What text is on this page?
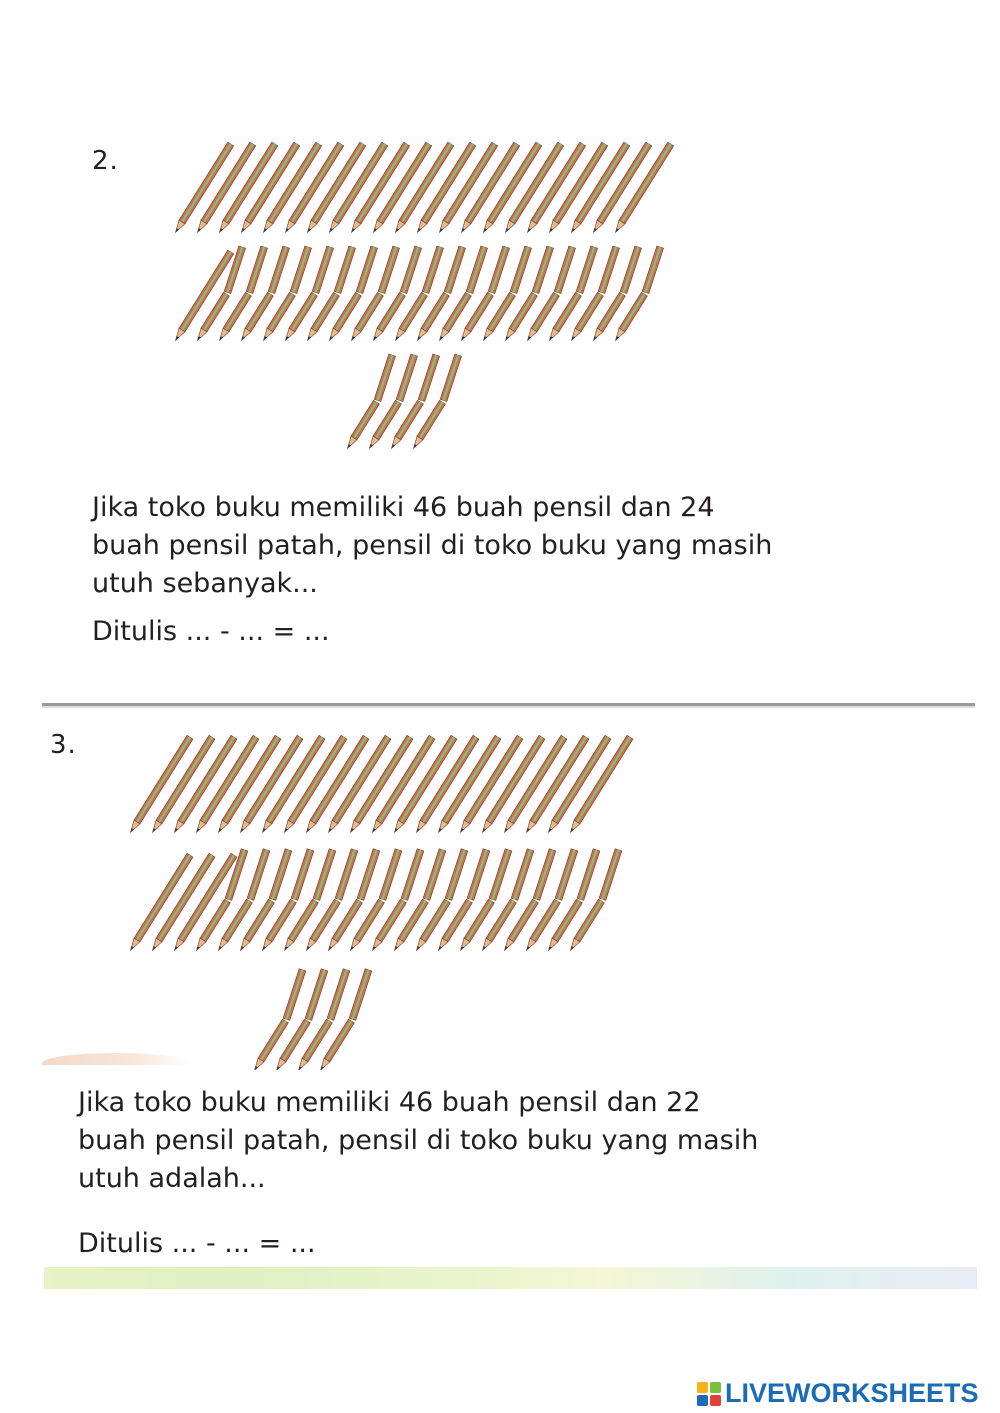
2.
Jika toko buku memiliki 46 buah pensil dan 24
buah pensil patah, pensil di toko buku yang masih
utuh sebanyak...
Ditulis ... - ... = ...
3.
Jika toko buku memiliki 46 buah pensil dan 22
buah pensil patah, pensil di toko buku yang masih
utuh adalah...
Ditulis ... - ... = ...
LIVEWORKSHEETS
